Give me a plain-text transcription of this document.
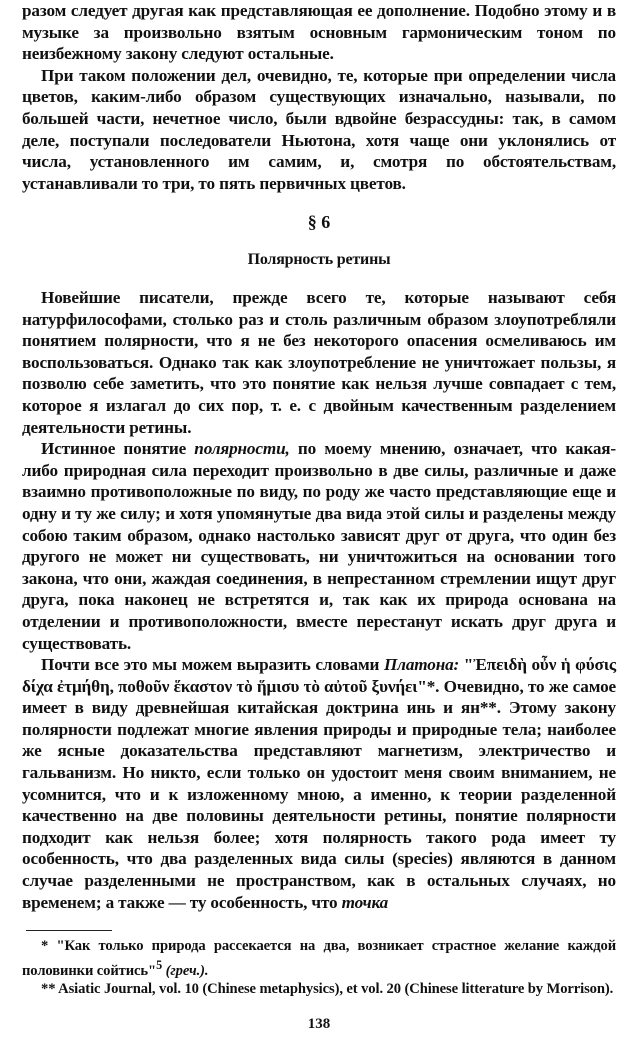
разом следует другая как представляющая ее дополнение. Подобно этому и в музыке за произвольно взятым основным гармоническим тоном по неизбежному закону следуют остальные.

При таком положении дел, очевидно, те, которые при определении числа цветов, каким-либо образом существующих изначально, называли, по большей части, нечетное число, были вдвойне безрассудны: так, в самом деле, поступали последователи Ньютона, хотя чаще они уклонялись от числа, установленного им самим, и, смотря по обстоятельствам, устанавливали то три, то пять первичных цветов.

§ 6
Полярность ретины

Новейшие писатели, прежде всего те, которые называют себя натурфилософами, столько раз и столь различным образом злоупотребляли понятием полярности, что я не без некоторого опасения осмеливаюсь им воспользоваться. Однако так как злоупотребление не уничтожает пользы, я позволю себе заметить, что это понятие как нельзя лучше совпадает с тем, которое я излагал до сих пор, т. е. с двойным качественным разделением деятельности ретины.

Истинное понятие полярности, по моему мнению, означает, что какая-либо природная сила переходит произвольно в две силы, различные и даже взаимно противоположные по виду, по роду же часто представляющие еще и одну и ту же силу; и хотя упомянутые два вида этой силы и разделены между собою таким образом, однако настолько зависят друг от друга, что один без другого не может ни существовать, ни уничтожиться на основании того закона, что они, жаждая соединения, в непрестанном стремлении ищут друг друга, пока наконец не встретятся и, так как их природа основана на отделении и противоположности, вместе перестанут искать друг друга и существовать.

Почти все это мы можем выразить словами Платона: "Ἐπειδὴ οὖν ἡ φύσις δίχα ἐτμήθη, ποθοῦν ἕκαστον τὸ ἥμισυ τὸ αὐτοῦ ξυνήει"*. Очевидно, то же самое имеет в виду древнейшая китайская доктрина инь и ян**. Этому закону полярности подлежат многие явления природы и природные тела; наиболее же ясные доказательства представляют магнетизм, электричество и гальванизм. Но никто, если только он удостоит меня своим вниманием, не усомнится, что и к изложенному мною, а именно, к теории разделенной качественно на две половины деятельности ретины, понятие полярности подходит как нельзя более; хотя полярность такого рода имеет ту особенность, что два разделенных вида силы (species) являются в данном случае разделенными не пространством, как в остальных случаях, но временем; а также — ту особенность, что точка

* "Как только природа рассекается на два, возникает страстное желание каждой половинки сойтись"$^5$ (греч.).

** Asiatic Journal, vol. 10 (Chinese metaphysics), et vol. 20 (Chinese litterature by Morrison).

138
